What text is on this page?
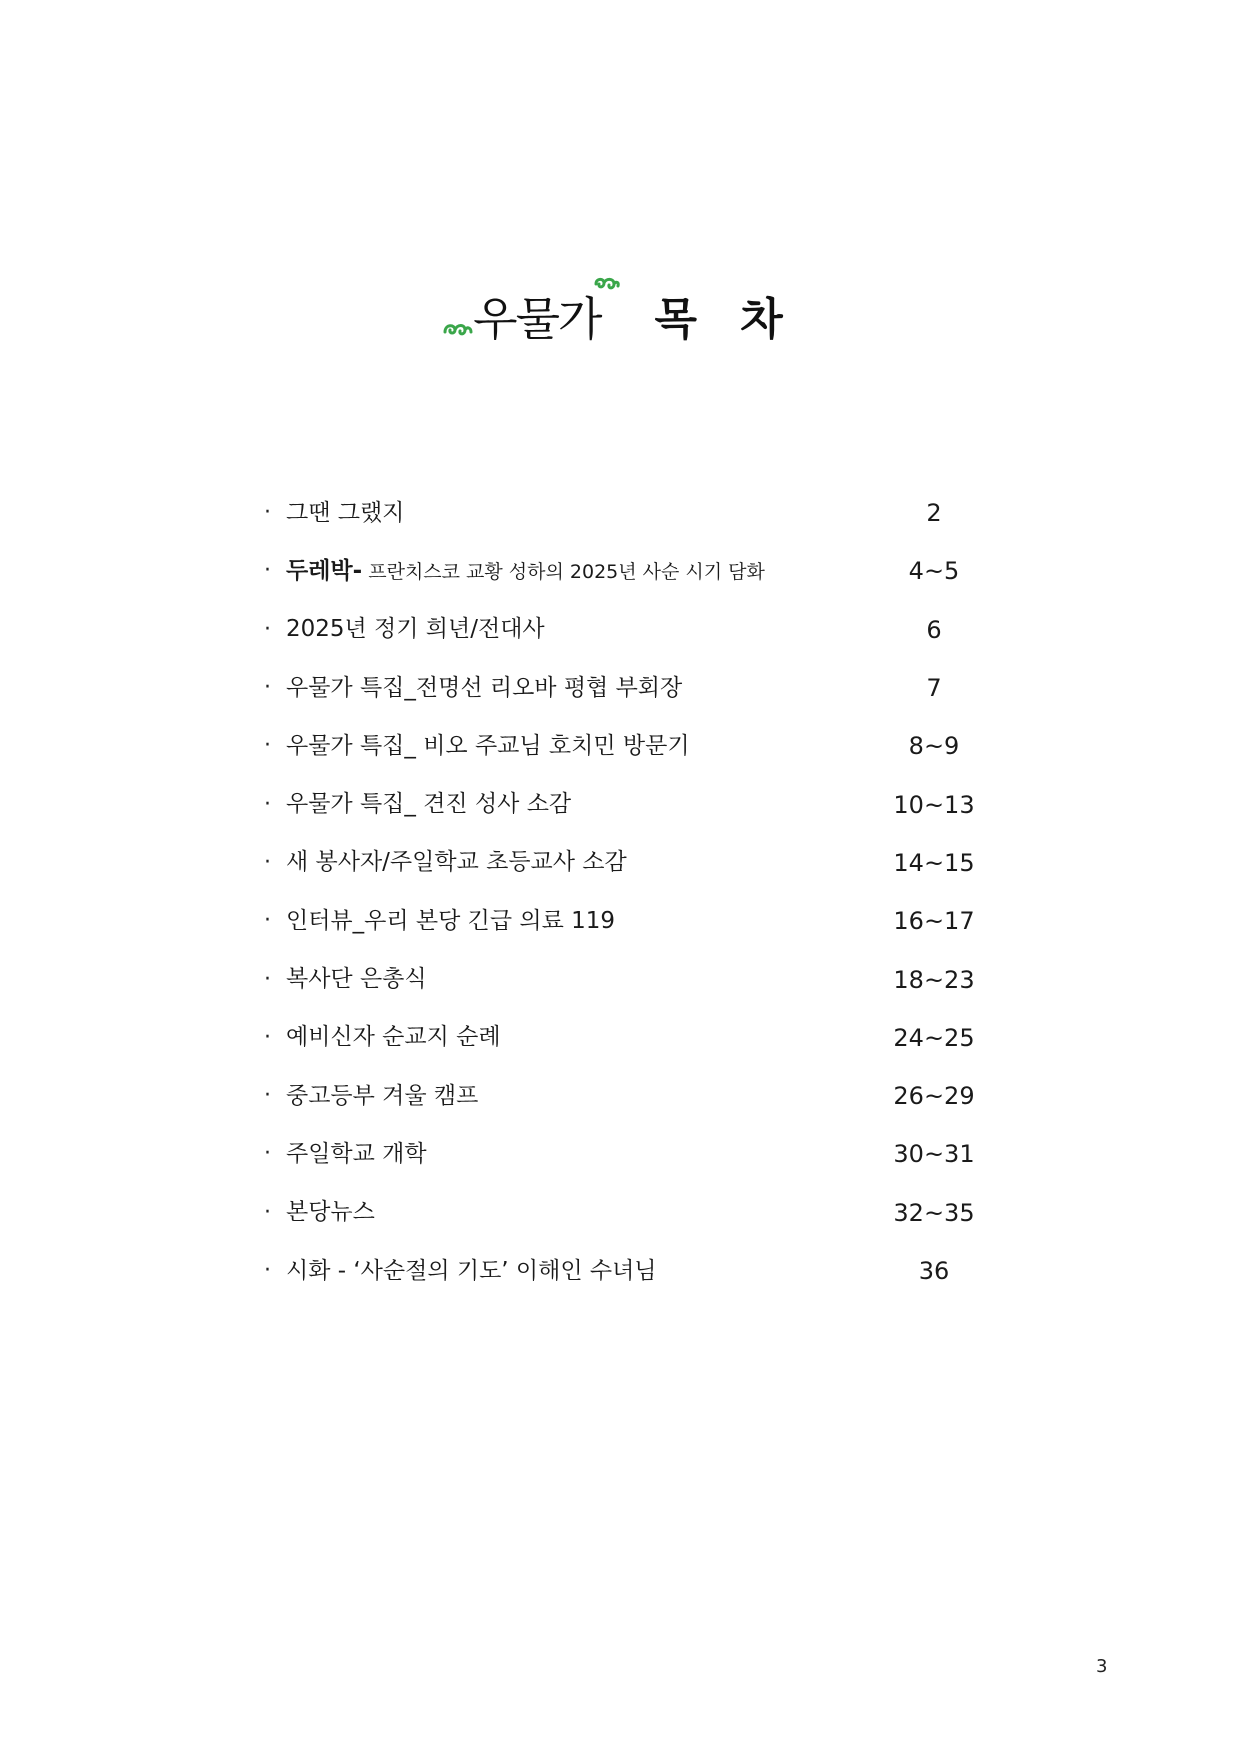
우물가	목 차
· 그땐 그랬지	2
· 두레박- 프란치스코 교황 성하의 2025년 사순 시기 담화	4~5
· 2025년 정기 희년/전대사	6
· 우물가 특집_전명선 리오바 평협 부회장	7
· 우물가 특집_ 비오 주교님 호치민 방문기	8~9
· 우물가 특집_ 견진 성사 소감	10~13
· 새 봉사자/주일학교 초등교사 소감	14~15
· 인터뷰_우리 본당 긴급 의료 119	16~17
· 복사단 은총식	18~23
· 예비신자 순교지 순례	24~25
· 중고등부 겨울 캠프	26~29
· 주일학교 개학	30~31
· 본당뉴스	32~35
· 시화 - ‘사순절의 기도’ 이해인 수녀님	36
3
